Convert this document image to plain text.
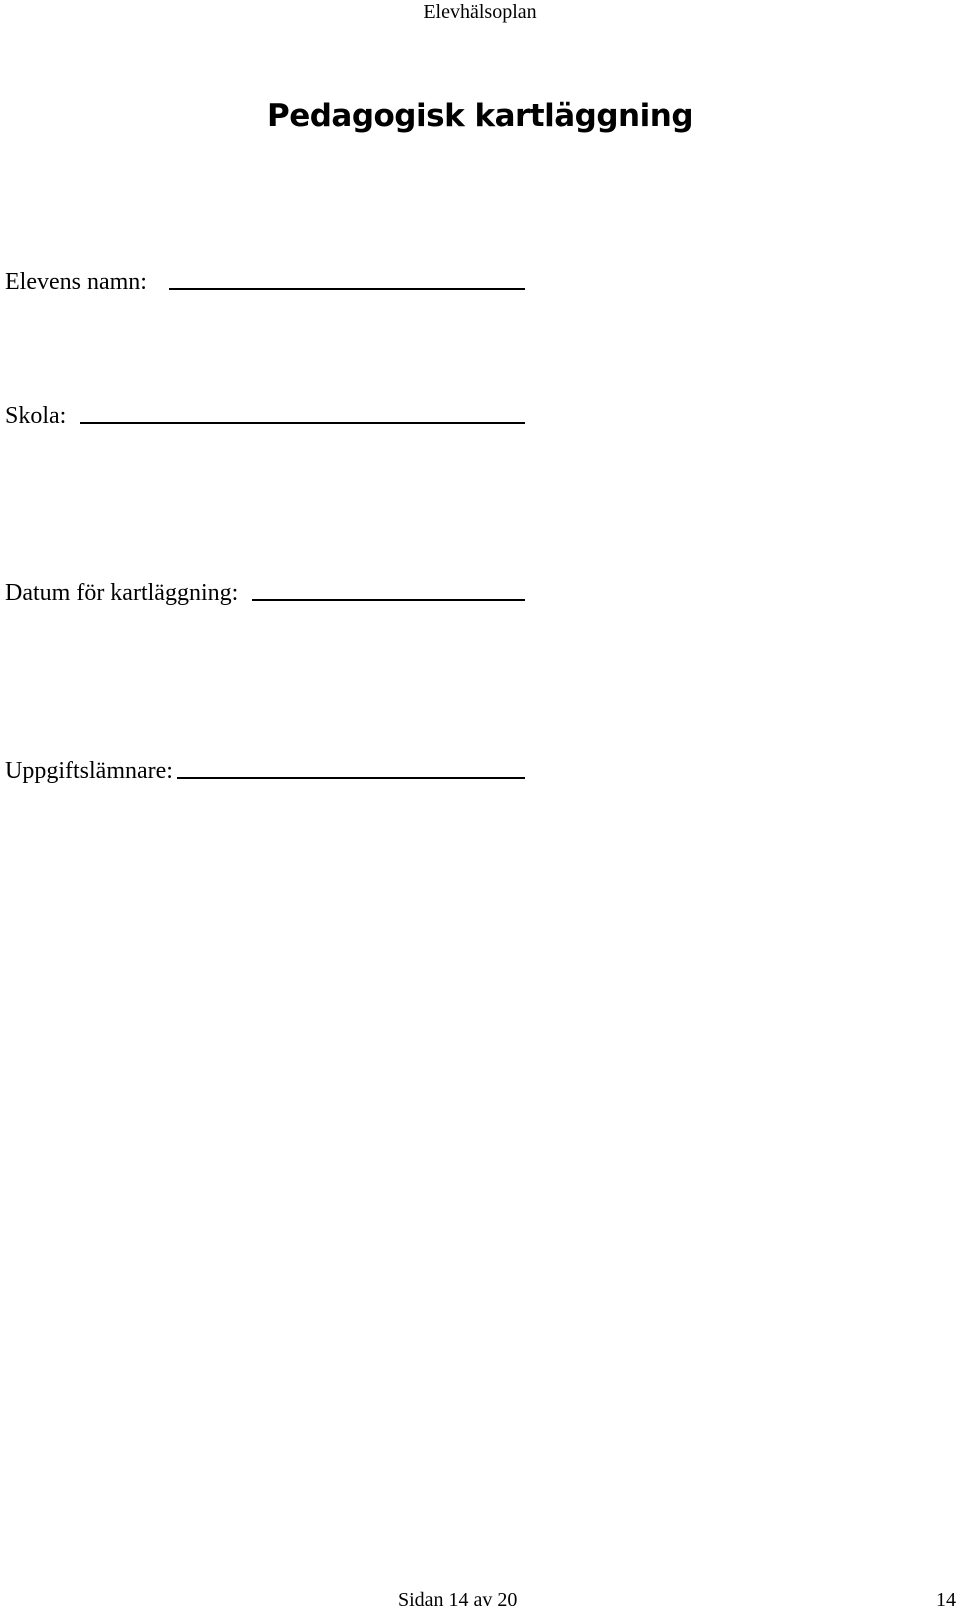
Elevhälsoplan
Pedagogisk kartläggning
Elevens namn:
Skola:
Datum för kartläggning:
Uppgiftslämnare:
Sidan 14 av 20	14
